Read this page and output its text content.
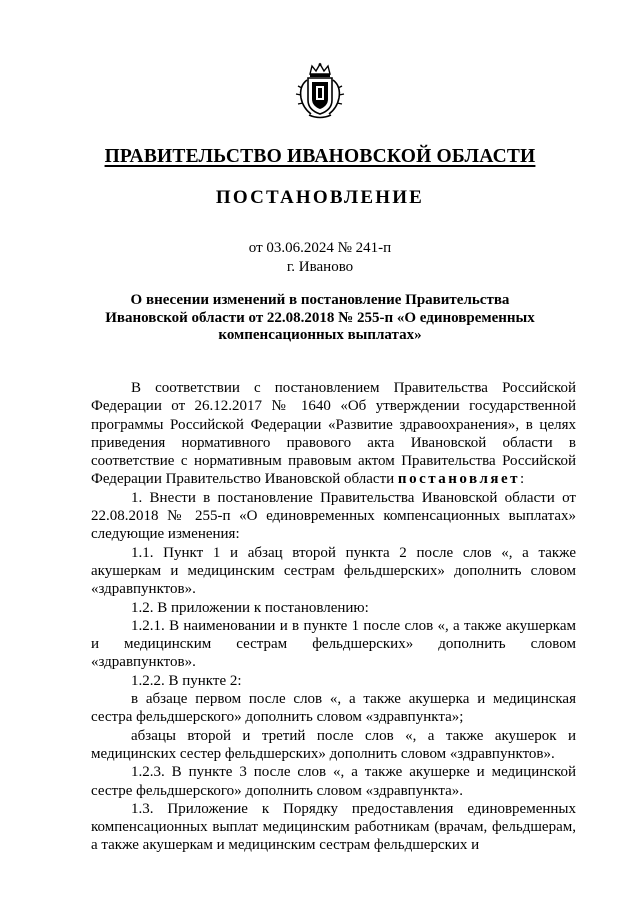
ПРАВИТЕЛЬСТВО ИВАНОВСКОЙ ОБЛАСТИ
ПОСТАНОВЛЕНИЕ
от 03.06.2024 № 241-п
г. Иваново
О внесении изменений в постановление Правительства
Ивановской области от 22.08.2018 № 255-п «О единовременных
компенсационных выплатах»

В соответствии с постановлением Правительства Российской Федерации от 26.12.2017 № 1640 «Об утверждении государственной программы Российской Федерации «Развитие здравоохранения», в целях приведения нормативного правового акта Ивановской области в соответствие с нормативным правовым актом Правительства Российской Федерации Правительство Ивановской области постановляет:

1. Внести в постановление Правительства Ивановской области от 22.08.2018 № 255-п «О единовременных компенсационных выплатах» следующие изменения:

1.1. Пункт 1 и абзац второй пункта 2 после слов «, а также акушеркам и медицинским сестрам фельдшерских» дополнить словом «здравпунктов».

1.2. В приложении к постановлению:

1.2.1. В наименовании и в пункте 1 после слов «, а также акушеркам и медицинским сестрам фельдшерских» дополнить словом «здравпунктов».

1.2.2. В пункте 2:

в абзаце первом после слов «, а также акушерка и медицинская сестра фельдшерского» дополнить словом «здравпункта»;

абзацы второй и третий после слов «, а также акушерок и медицинских сестер фельдшерских» дополнить словом «здравпунктов».

1.2.3. В пункте 3 после слов «, а также акушерке и медицинской сестре фельдшерского» дополнить словом «здравпункта».

1.3. Приложение к Порядку предоставления единовременных компенсационных выплат медицинским работникам (врачам, фельдшерам, а также акушеркам и медицинским сестрам фельдшерских и
